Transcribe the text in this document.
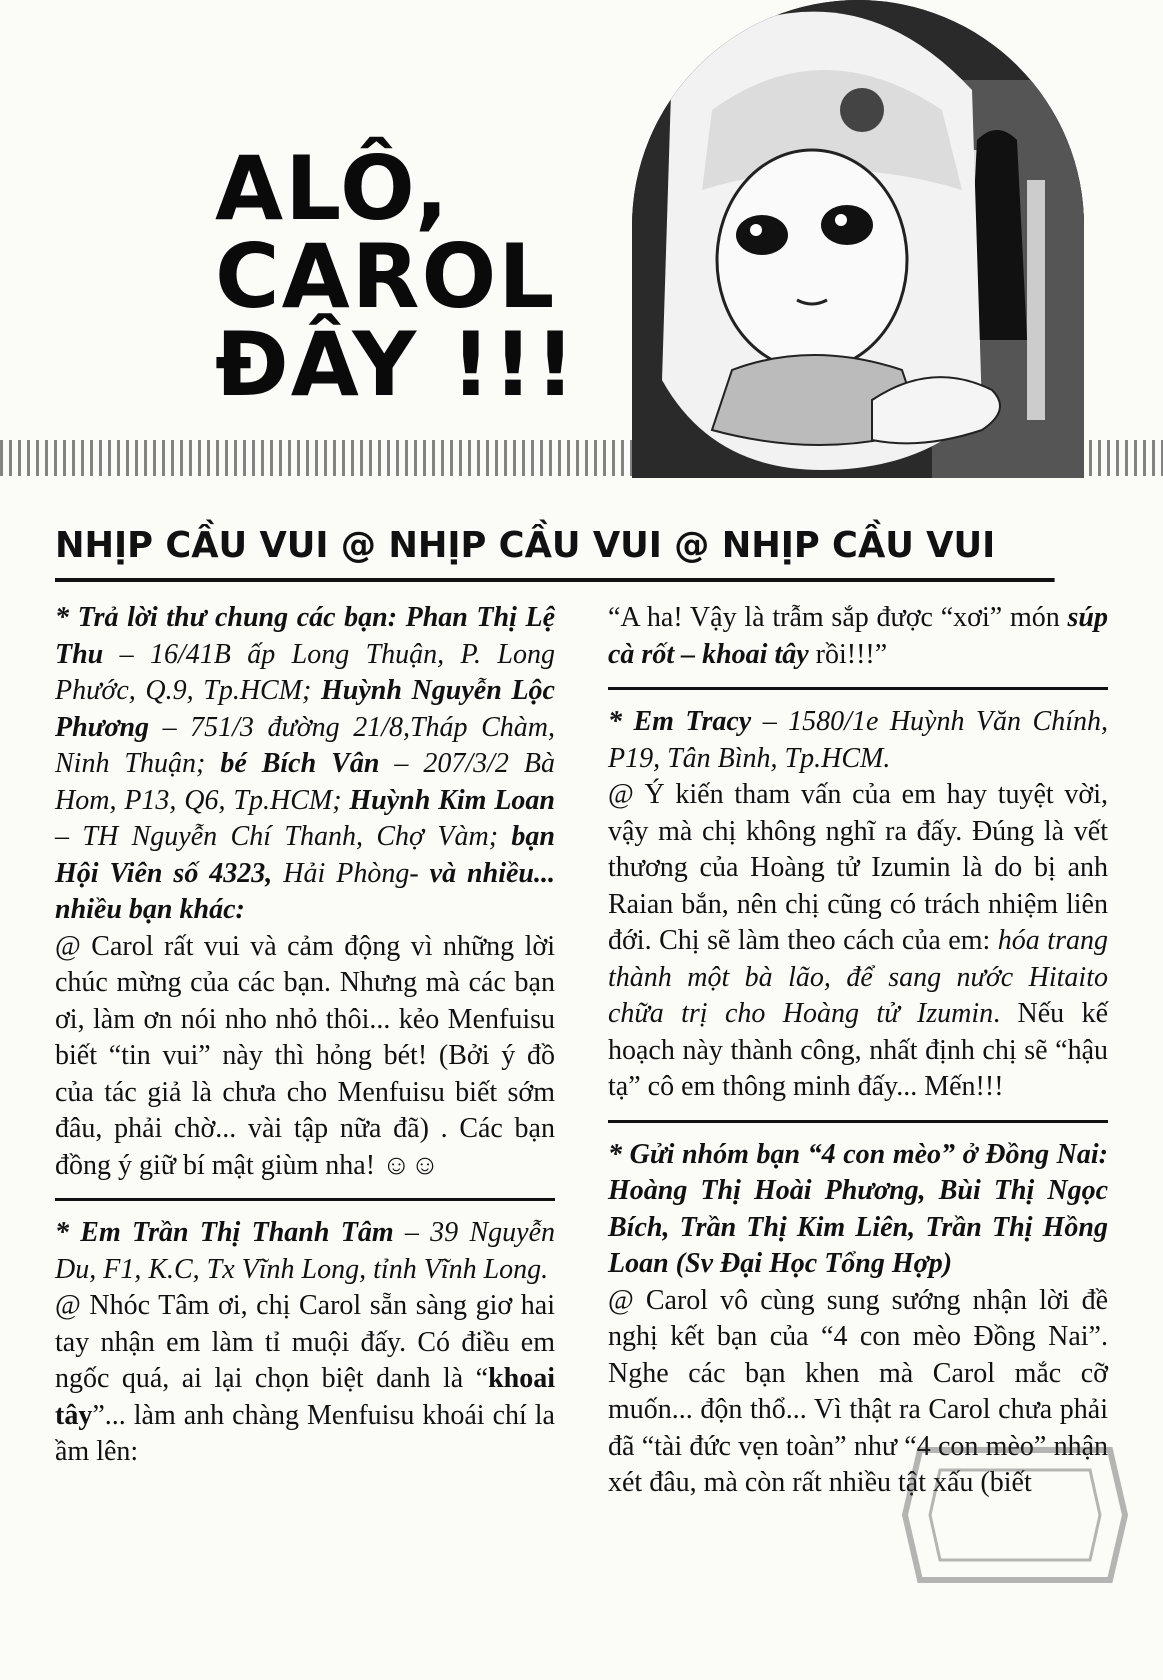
ALÔ,
CAROL
ĐÂY !!!
NHỊP CẦU VUI @ NHỊP CẦU VUI @ NHỊP CẦU VUI

* Trả lời thư chung các bạn: Phan Thị Lệ Thu – 16/41B ấp Long Thuận, P. Long Phước, Q.9, Tp.HCM; Huỳnh Nguyễn Lộc Phương – 751/3 đường 21/8,Tháp Chàm, Ninh Thuận; bé Bích Vân – 207/3/2 Bà Hom, P13, Q6, Tp.HCM; Huỳnh Kim Loan – TH Nguyễn Chí Thanh, Chợ Vàm; bạn Hội Viên số 4323, Hải Phòng- và nhiều... nhiều bạn khác:

@ Carol rất vui và cảm động vì những lời chúc mừng của các bạn. Nhưng mà các bạn ơi, làm ơn nói nho nhỏ thôi... kẻo Menfuisu biết “tin vui” này thì hỏng bét! (Bởi ý đồ của tác giả là chưa cho Menfuisu biết sớm đâu, phải chờ... vài tập nữa đã) . Các bạn đồng ý giữ bí mật giùm nha! ☺☺

* Em Trần Thị Thanh Tâm – 39 Nguyễn Du, F1, K.C, Tx Vĩnh Long, tỉnh Vĩnh Long.

@ Nhóc Tâm ơi, chị Carol sẵn sàng giơ hai tay nhận em làm tỉ muội đấy. Có điều em ngốc quá, ai lại chọn biệt danh là “khoai tây”... làm anh chàng Menfuisu khoái chí la ầm lên:

“A ha! Vậy là trẫm sắp được “xơi” món súp cà rốt – khoai tây rồi!!!”

* Em Tracy – 1580/1e Huỳnh Văn Chính, P19, Tân Bình, Tp.HCM.

@ Ý kiến tham vấn của em hay tuyệt vời, vậy mà chị không nghĩ ra đấy. Đúng là vết thương của Hoàng tử Izumin là do bị anh Raian bắn, nên chị cũng có trách nhiệm liên đới. Chị sẽ làm theo cách của em: hóa trang thành một bà lão, để sang nước Hitaito chữa trị cho Hoàng tử Izumin. Nếu kế hoạch này thành công, nhất định chị sẽ “hậu tạ” cô em thông minh đấy... Mến!!!

* Gửi nhóm bạn “4 con mèo” ở Đồng Nai: Hoàng Thị Hoài Phương, Bùi Thị Ngọc Bích, Trần Thị Kim Liên, Trần Thị Hồng Loan (Sv Đại Học Tổng Hợp)

@ Carol vô cùng sung sướng nhận lời đề nghị kết bạn của “4 con mèo Đồng Nai”. Nghe các bạn khen mà Carol mắc cỡ muốn... độn thổ... Vì thật ra Carol chưa phải đã “tài đức vẹn toàn” như “4 con mèo” nhận xét đâu, mà còn rất nhiều tật xấu (biết
